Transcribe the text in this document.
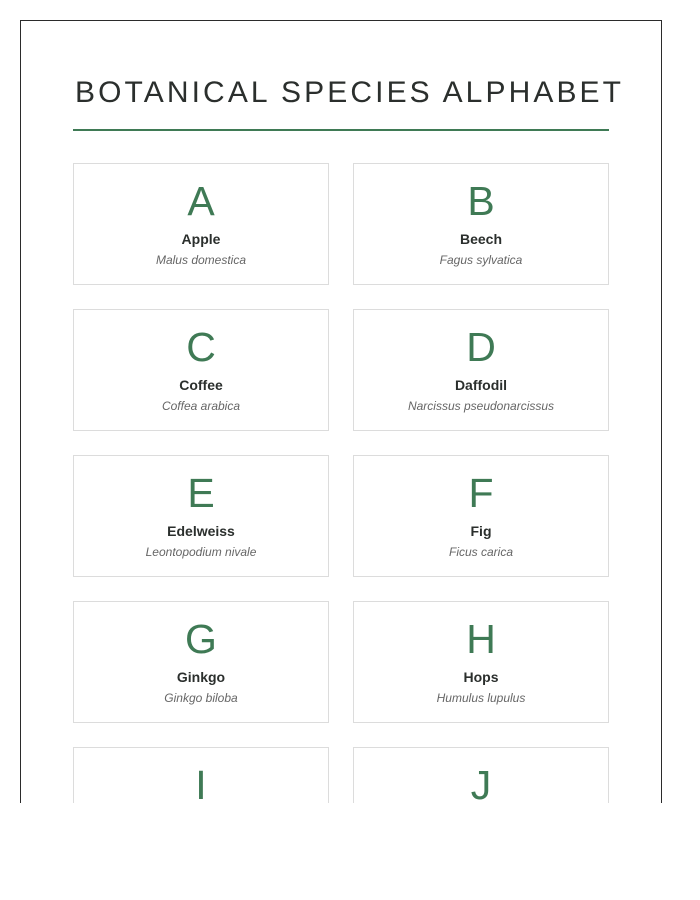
BOTANICAL SPECIES ALPHABET
A
Apple
Malus domestica
B
Beech
Fagus sylvatica
C
Coffee
Coffea arabica
D
Daffodil
Narcissus pseudonarcissus
E
Edelweiss
Leontopodium nivale
F
Fig
Ficus carica
G
Ginkgo
Ginkgo biloba
H
Hops
Humulus lupulus
I	J
